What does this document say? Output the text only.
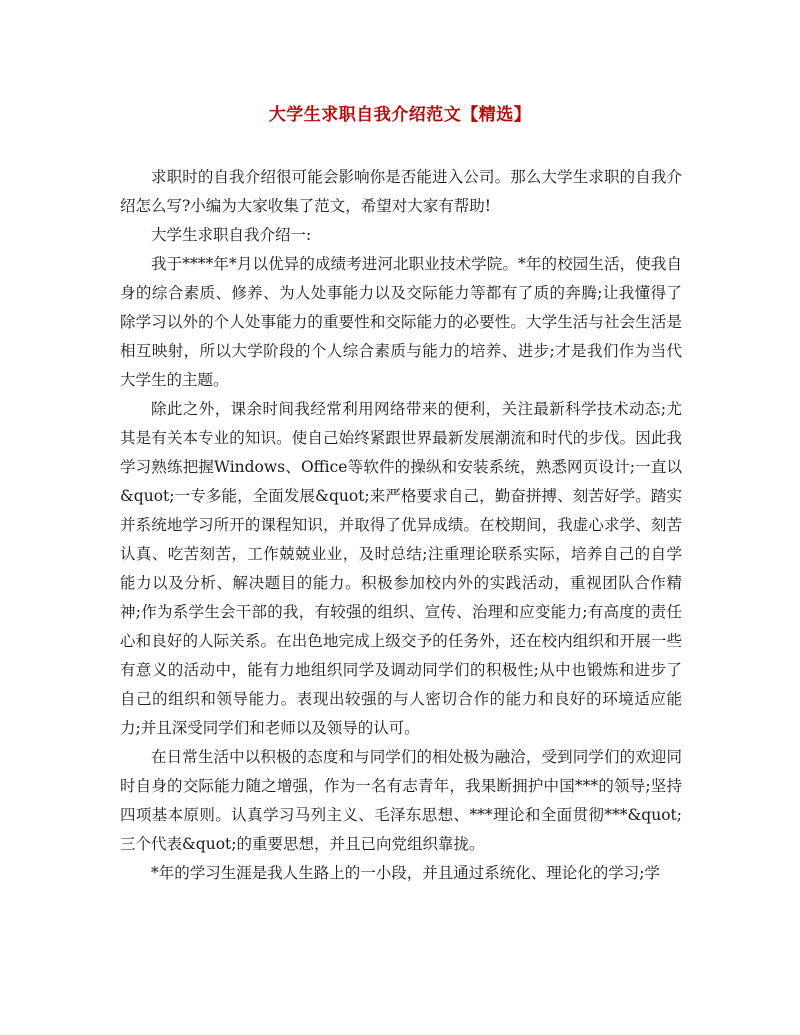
大学生求职自我介绍范文【精选】

求职时的自我介绍很可能会影响你是否能进入公司。那么大学生求职的自我介绍怎么写?小编为大家收集了范文，希望对大家有帮助!

大学生求职自我介绍一:

我于****年*月以优异的成绩考进河北职业技术学院。*年的校园生活，使我自身的综合素质、修养、为人处事能力以及交际能力等都有了质的奔腾;让我懂得了除学习以外的个人处事能力的重要性和交际能力的必要性。大学生活与社会生活是相互映射，所以大学阶段的个人综合素质与能力的培养、进步;才是我们作为当代大学生的主题。

除此之外，课余时间我经常利用网络带来的便利，关注最新科学技术动态;尤其是有关本专业的知识。使自己始终紧跟世界最新发展潮流和时代的步伐。因此我学习熟练把握Windows、Office等软件的操纵和安装系统，熟悉网页设计;一直以&quot;一专多能，全面发展&quot;来严格要求自己，勤奋拼搏、刻苦好学。踏实并系统地学习所开的课程知识，并取得了优异成绩。在校期间，我虚心求学、刻苦认真、吃苦刻苦，工作兢兢业业，及时总结;注重理论联系实际，培养自己的自学能力以及分析、解决题目的能力。积极参加校内外的实践活动，重视团队合作精神;作为系学生会干部的我，有较强的组织、宣传、治理和应变能力;有高度的责任心和良好的人际关系。在出色地完成上级交予的任务外，还在校内组织和开展一些有意义的活动中，能有力地组织同学及调动同学们的积极性;从中也锻炼和进步了自己的组织和领导能力。表现出较强的与人密切合作的能力和良好的环境适应能力;并且深受同学们和老师以及领导的认可。

在日常生活中以积极的态度和与同学们的相处极为融洽，受到同学们的欢迎同时自身的交际能力随之增强，作为一名有志青年，我果断拥护中国***的领导;坚持四项基本原则。认真学习马列主义、毛泽东思想、***理论和全面贯彻***&quot;三个代表&quot;的重要思想，并且已向党组织靠拢。

*年的学习生涯是我人生路上的一小段，并且通过系统化、理论化的学习;学
